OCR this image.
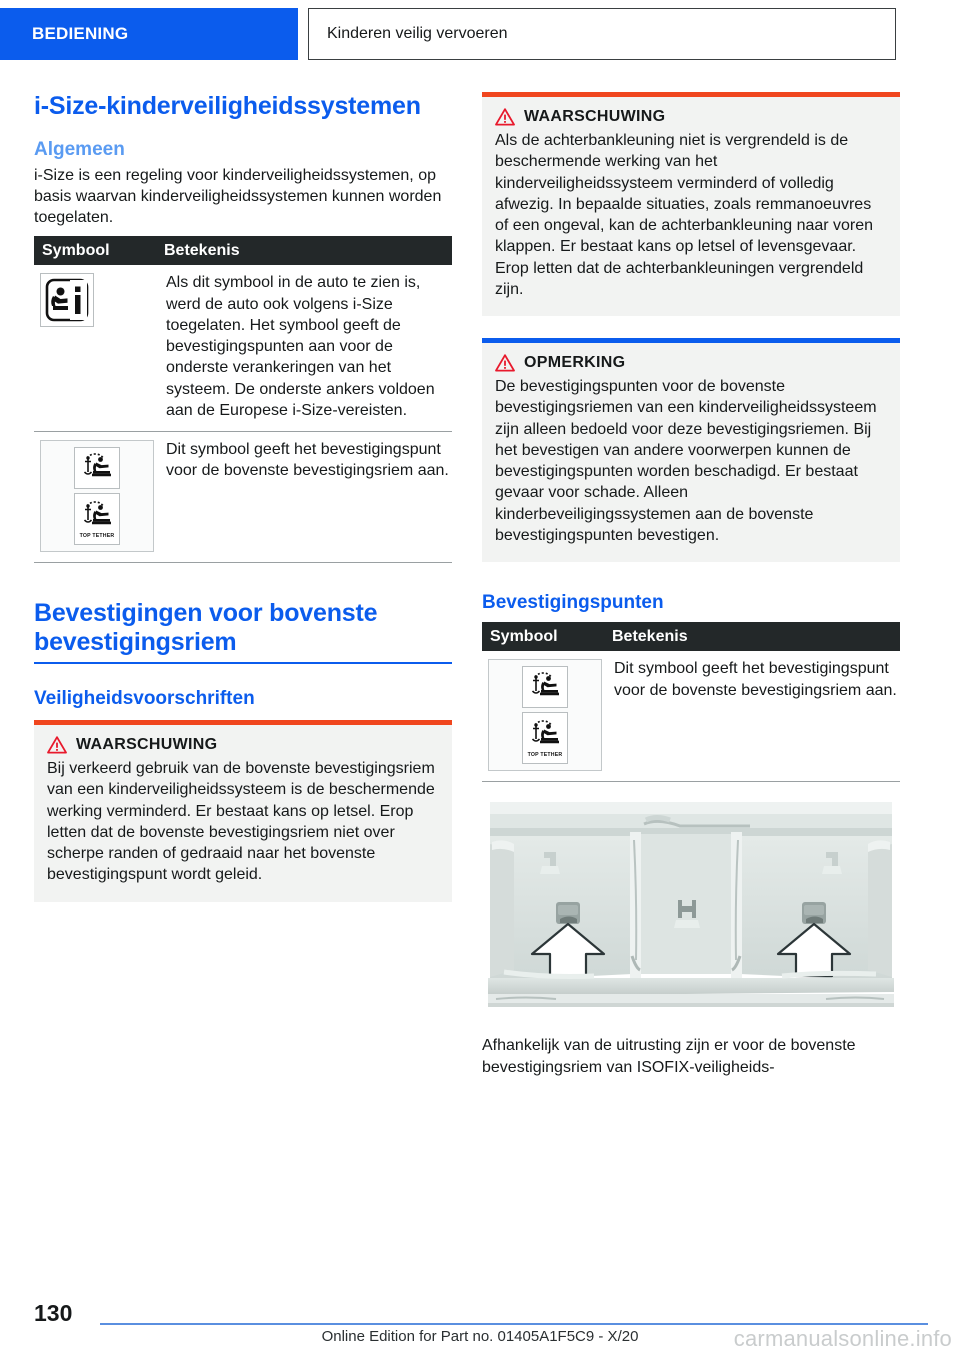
BEDIENING	Kinderen veilig vervoeren
i-Size-kinderveiligheidssystemen
Algemeen

i-Size is een regeling voor kinderveiligheidssystemen, op basis waarvan kinderveiligheidssystemen kunnen worden toegelaten.

Symbool	Betekenis
Als dit symbool in de auto te zien is, werd de auto ook volgens i-Size toegelaten. Het symbool geeft de bevestigingspunten aan voor de onderste verankeringen van het systeem. De onderste ankers voldoen aan de Europese i-Size-vereisten.
TOP TETHER
Dit symbool geeft het bevestigingspunt voor de bovenste bevestigingsriem aan.
Bevestigingen voor bovenste bevestigingsriem
Veiligheidsvoorschriften
WAARSCHUWING
Bij verkeerd gebruik van de bovenste bevestigingsriem van een kinderveiligheidssysteem is de beschermende werking verminderd. Er bestaat kans op letsel. Erop letten dat de bovenste bevestigingsriem niet over scherpe randen of gedraaid naar het bovenste bevestigingspunt wordt geleid.
WAARSCHUWING
Als de achterbankleuning niet is vergrendeld is de beschermende werking van het kinderveiligheidssysteem verminderd of volledig afwezig. In bepaalde situaties, zoals remmanoeuvres of een ongeval, kan de achterbankleuning naar voren klappen. Er bestaat kans op letsel of levensgevaar. Erop letten dat de achterbankleuningen vergrendeld zijn.
OPMERKING
De bevestigingspunten voor de bovenste bevestigingsriemen van een kinderveiligheidssysteem zijn alleen bedoeld voor deze bevestigingsriemen. Bij het bevestigen van andere voorwerpen kunnen de bevestigingspunten worden beschadigd. Er bestaat gevaar voor schade. Alleen kinderbeveiligingssystemen aan de bovenste bevestigingspunten bevestigen.
Bevestigingspunten
Symbool	Betekenis
TOP TETHER
Dit symbool geeft het bevestigingspunt voor de bovenste bevestigingsriem aan.
Afhankelijk van de uitrusting zijn er voor de bovenste bevestigingsriem van ISOFIX-veiligheids-
130
Online Edition for Part no. 01405A1F5C9 - X/20	carmanualsonline.info
